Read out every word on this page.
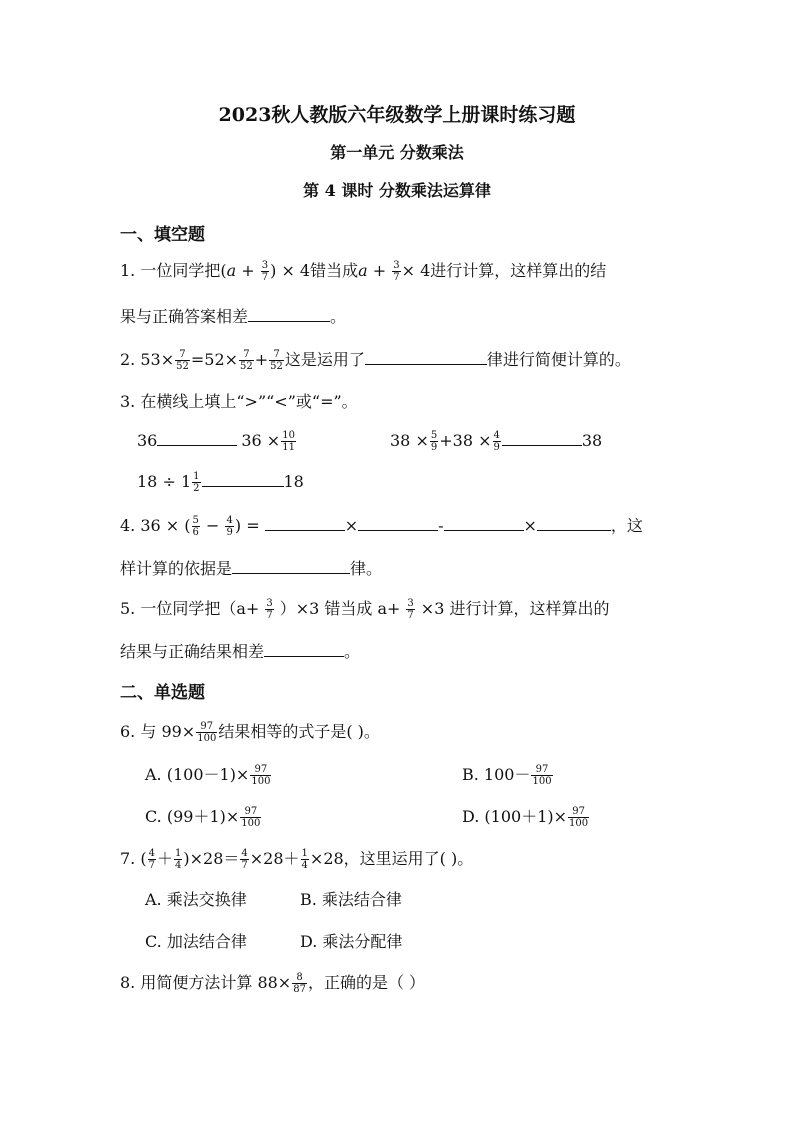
2023秋人教版六年级数学上册课时练习题
第一单元 分数乘法
第 4 课时 分数乘法运算律
一、填空题
1. 一位同学把($a + \frac{3}{7}$ ) × 4错当成$a + \frac{3}{7} \times 4$进行计算，这样算出的结
果与正确答案相差	。
2. $53\times \frac{7}{52} =52\times \frac{7}{52} + \frac{7}{52}$ 这是运用了	律进行简便计算的。
3. 在横线上填上“>”“<”或“=”。
36	$36 \times \frac{10}{11}$	$38 \times \frac{5}{9} +38 \times \frac{4}{9}$	38
$18 \div 1 \frac{1}{2}$	18
4. 36 × ( $\frac{5}{6} - \frac{4}{9}$ ) =	×	-	×	，这
样计算的依据是	律。
5. 一位同学把$(a+ \frac{3}{7} )\times 3$ 错当成 $a+ \frac{3}{7} \times 3$ 进行计算，这样算出的
结果与正确结果相差	。
二、单选题
6. 与 $99\times \frac{97}{100}$ 结果相等的式子是( )。
A. $(100-1)\times \frac{97}{100}$	B. $100- \frac{97}{100}$
C. $(99+1)\times \frac{97}{100}$	D. $(100+1)\times \frac{97}{100}$
7. ( $\frac{4}{7} + \frac{1}{4} )\times 28= \frac{4}{7} \times 28+ \frac{1}{4} \times 28$，这里运用了( )。
A. 乘法交换律	B. 乘法结合律
C. 加法结合律	D. 乘法分配律
8. 用简便方法计算 $88\times \frac{8}{87}$ ，正确的是（ ）
